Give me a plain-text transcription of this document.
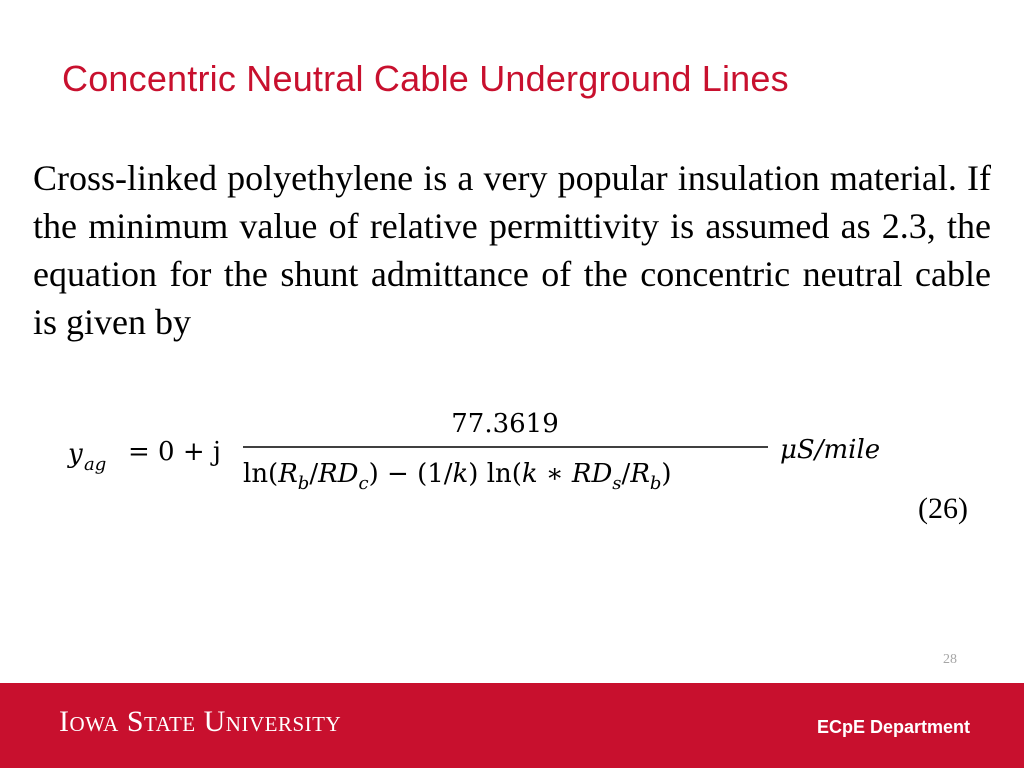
Concentric Neutral Cable Underground Lines

Cross-linked polyethylene is a very popular insulation material. If the minimum value of relative permittivity is assumed as 2.3, the equation for the shunt admittance of the concentric neutral cable is given by

y ag = 0 + j
77.3619
ln(Rb/RDc) − (1/k) ln(k ∗ RDs/Rb)
μS/mile
(26)
28
Iowa State University	ECpE Department
